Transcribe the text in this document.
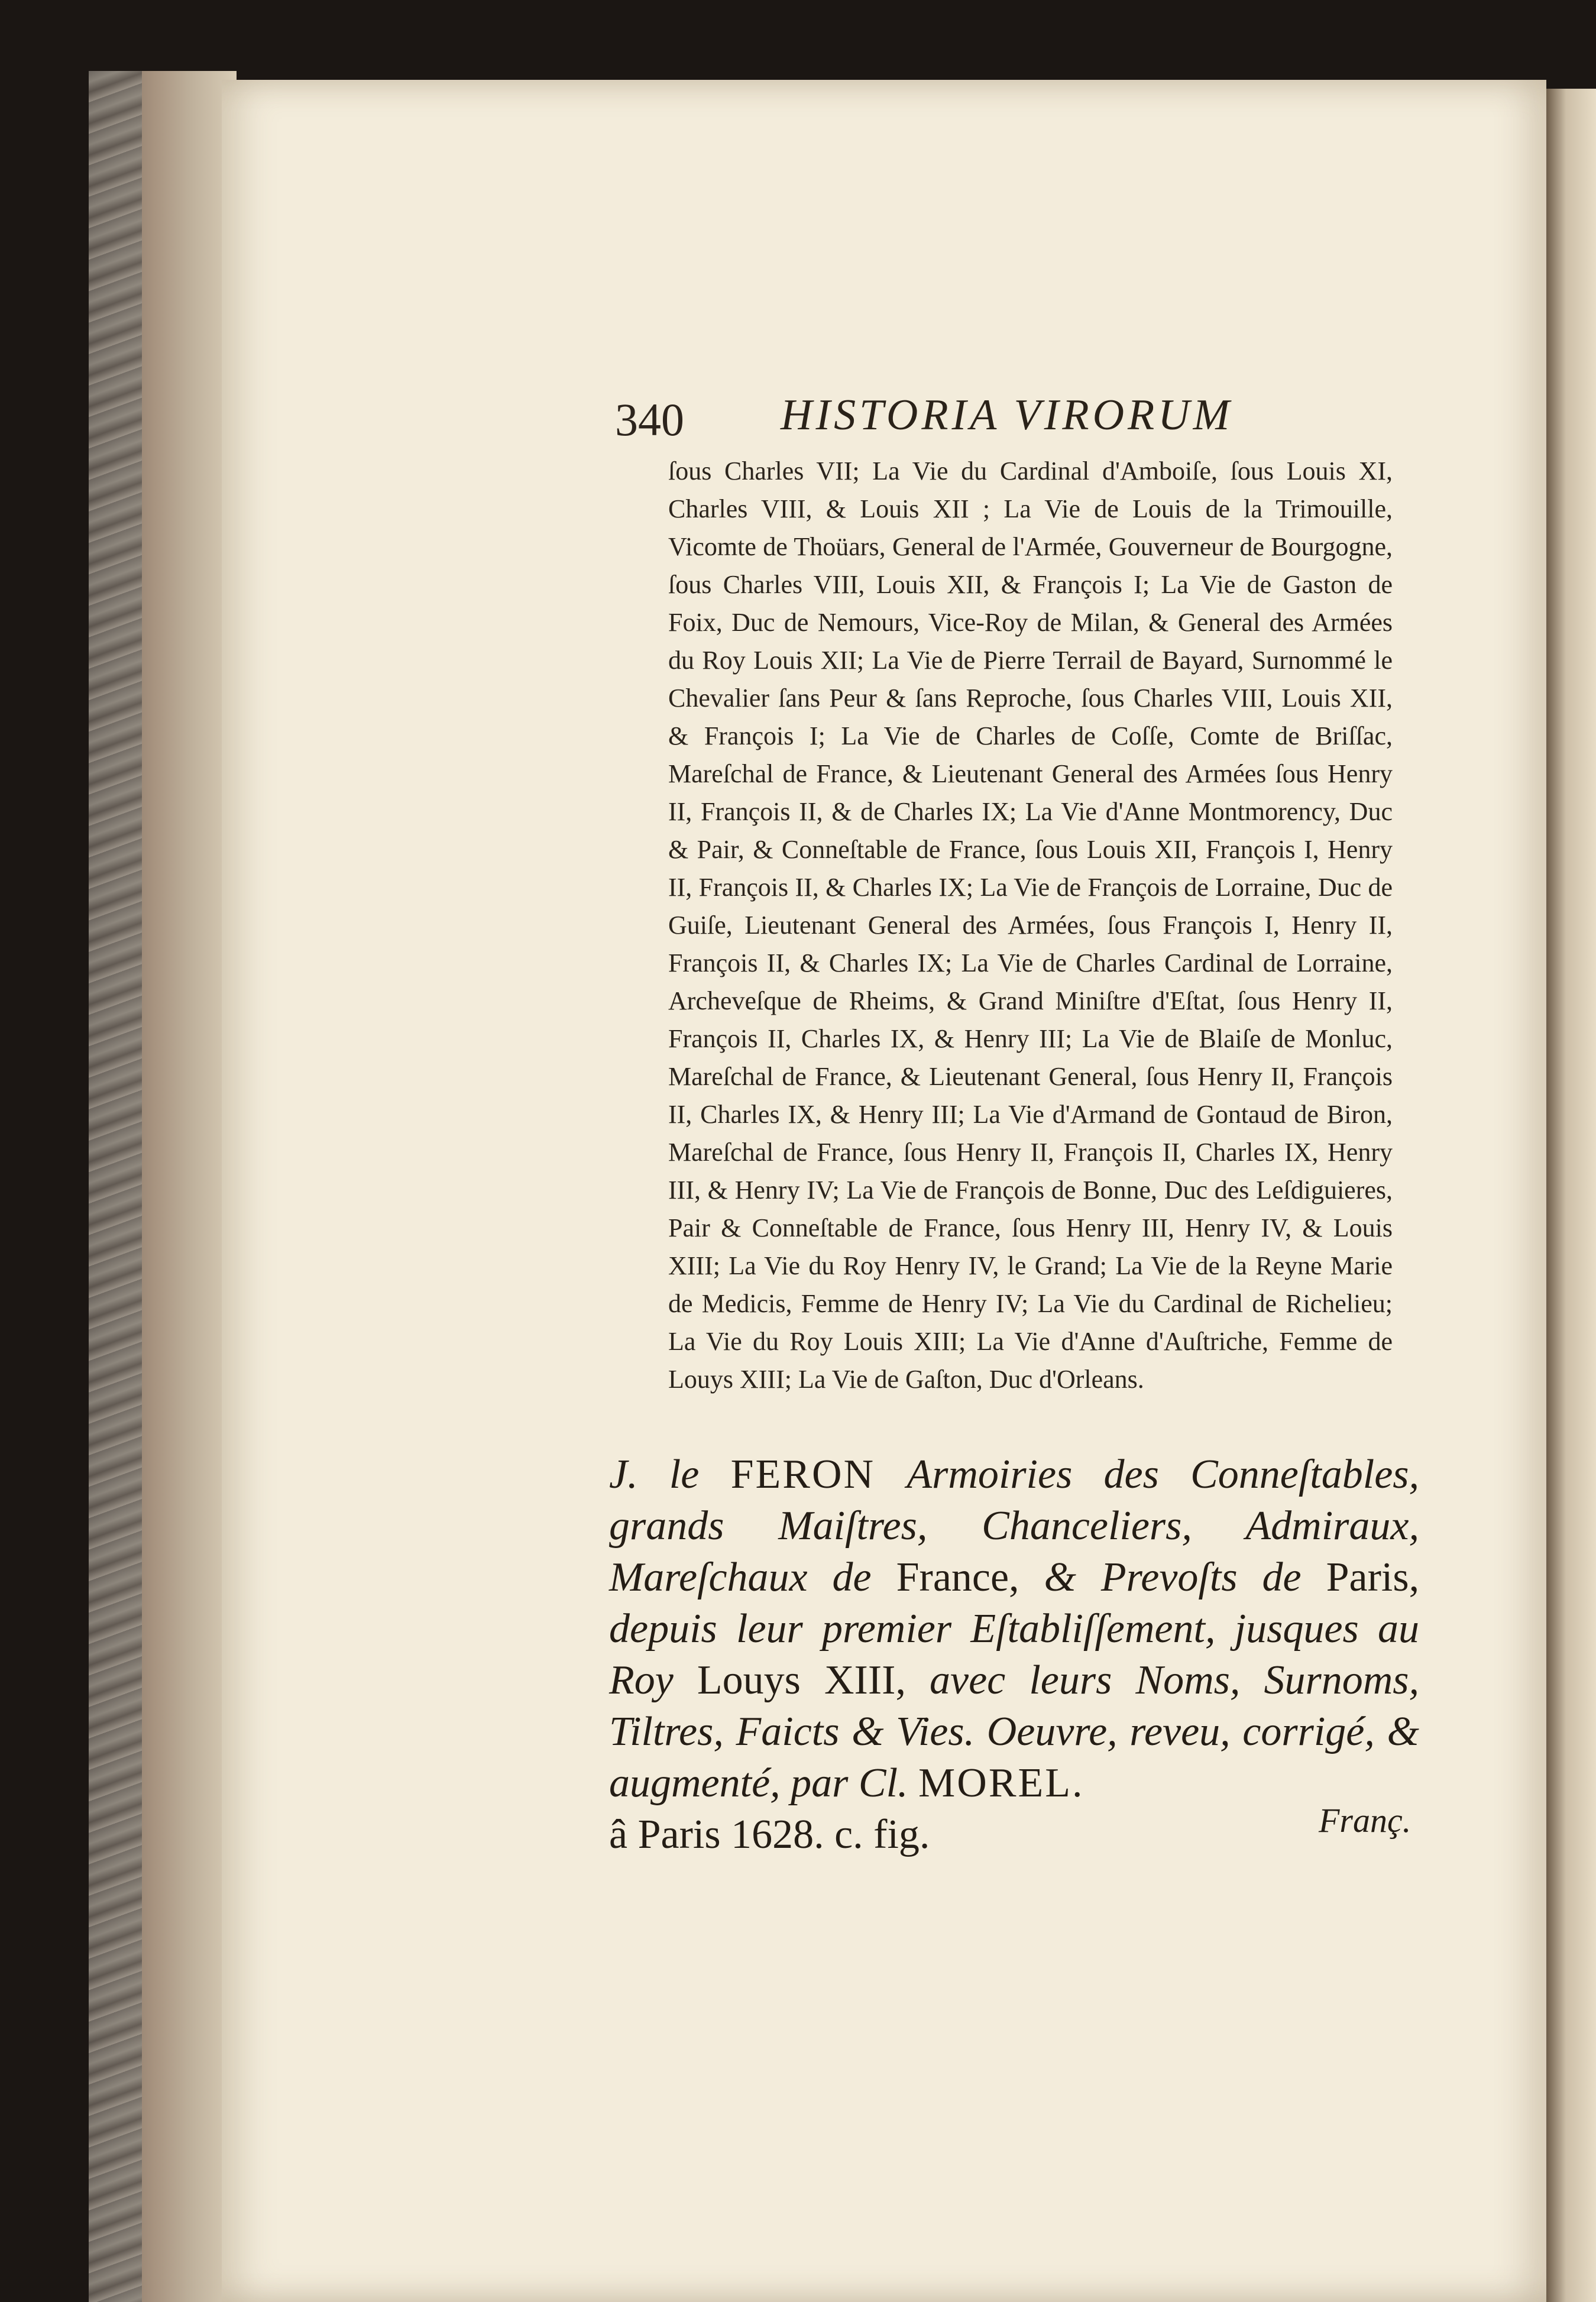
340 HISTORIA VIRORUM

ſous Charles VII; La Vie du Cardinal d'Amboiſe, ſous Louis XI, Charles VIII, & Louis XII ; La Vie de Louis de la Trimouille, Vicomte de Thoüars, General de l'Armée, Gouverneur de Bourgogne, ſous Charles VIII, Louis XII, & François I; La Vie de Gaston de Foix, Duc de Nemours, Vice-Roy de Milan, & General des Armées du Roy Louis XII; La Vie de Pierre Terrail de Bayard, Surnommé le Chevalier ſans Peur & ſans Reproche, ſous Charles VIII, Louis XII, & François I; La Vie de Charles de Coſſe, Comte de Briſſac, Mareſchal de France, & Lieutenant General des Armées ſous Henry II, François II, & de Charles IX; La Vie d'Anne Montmorency, Duc & Pair, & Conneſtable de France, ſous Louis XII, François I, Henry II, François II, & Charles IX; La Vie de François de Lorraine, Duc de Guiſe, Lieutenant General des Armées, ſous François I, Henry II, François II, & Charles IX; La Vie de Charles Cardinal de Lorraine, Archeveſque de Rheims, & Grand Miniſtre d'Eſtat, ſous Henry II, François II, Charles IX, & Henry III; La Vie de Blaiſe de Monluc, Mareſchal de France, & Lieutenant General, ſous Henry II, François II, Charles IX, & Henry III; La Vie d'Armand de Gontaud de Biron, Mareſchal de France, ſous Henry II, François II, Charles IX, Henry III, & Henry IV; La Vie de François de Bonne, Duc des Leſdiguieres, Pair & Conneſtable de France, ſous Henry III, Henry IV, & Louis XIII; La Vie du Roy Henry IV, le Grand; La Vie de la Reyne Marie de Medicis, Femme de Henry IV; La Vie du Cardinal de Richelieu; La Vie du Roy Louis XIII; La Vie d'Anne d'Auſtriche, Femme de Louys XIII; La Vie de Gaſton, Duc d'Orleans.

J. le FERON Armoiries des Conneſtables, grands Maiſtres, Chanceliers, Admiraux, Mareſchaux de France, & Prevoſts de Paris, depuis leur premier Eſtabliſſement, jusques au Roy Louys XIII, avec leurs Noms, Surnoms, Tiltres, Faicts & Vies. Oeuvre, reveu, corrigé, & augmenté, par Cl. MOREL.
â Paris 1628. c. fig.	Franç.
